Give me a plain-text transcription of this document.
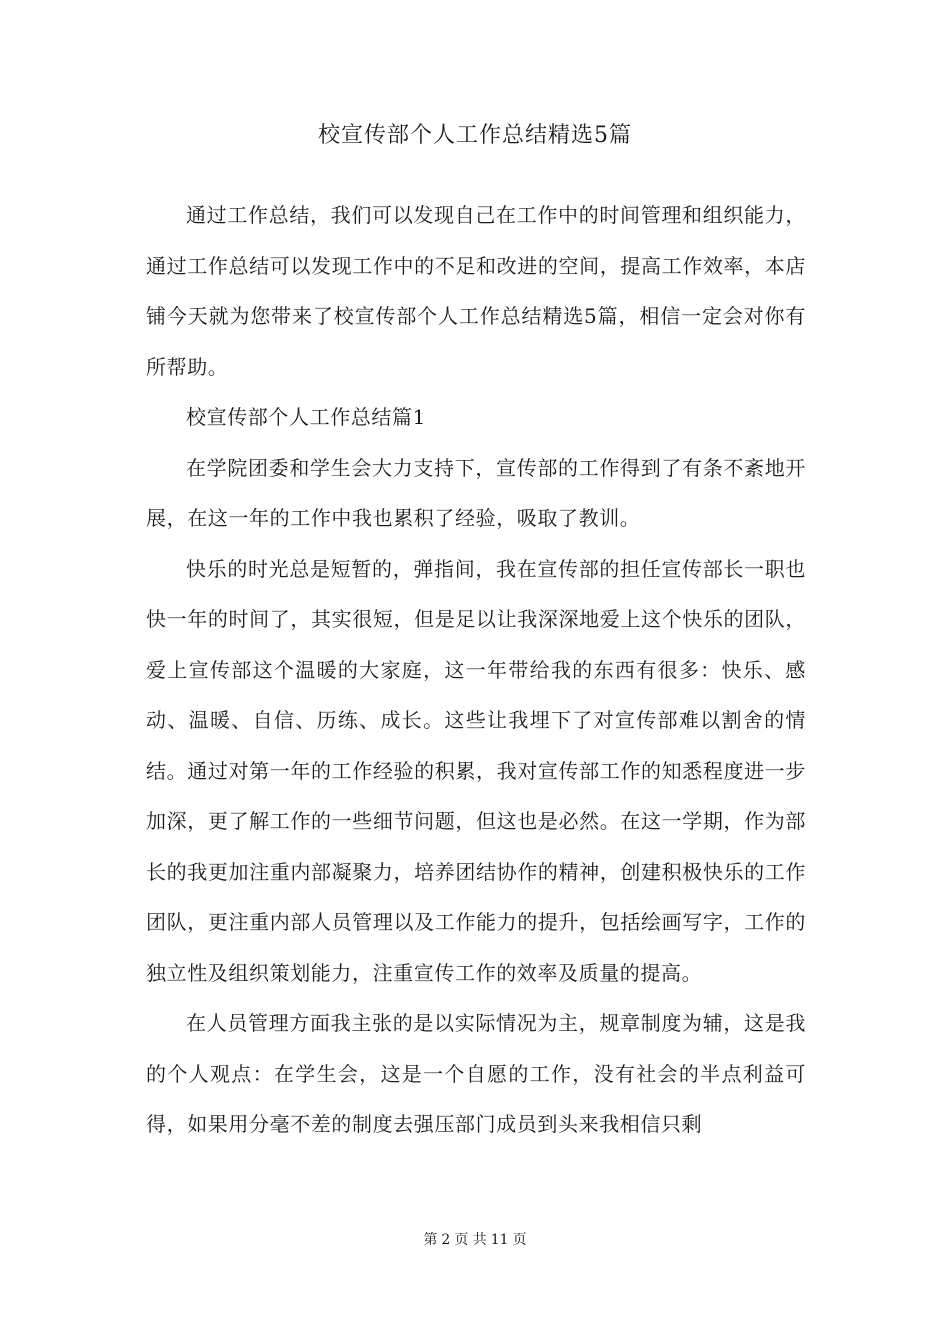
校宣传部个人工作总结精选5篇

通过工作总结，我们可以发现自己在工作中的时间管理和组织能力，通过工作总结可以发现工作中的不足和改进的空间，提高工作效率，本店铺今天就为您带来了校宣传部个人工作总结精选5篇，相信一定会对你有所帮助。

校宣传部个人工作总结篇1

在学院团委和学生会大力支持下，宣传部的工作得到了有条不紊地开展，在这一年的工作中我也累积了经验，吸取了教训。

快乐的时光总是短暂的，弹指间，我在宣传部的担任宣传部长一职也快一年的时间了，其实很短，但是足以让我深深地爱上这个快乐的团队，爱上宣传部这个温暖的大家庭，这一年带给我的东西有很多：快乐、感动、温暖、自信、历练、成长。这些让我埋下了对宣传部难以割舍的情结。通过对第一年的工作经验的积累，我对宣传部工作的知悉程度进一步加深，更了解工作的一些细节问题，但这也是必然。在这一学期，作为部长的我更加注重内部凝聚力，培养团结协作的精神，创建积极快乐的工作团队，更注重内部人员管理以及工作能力的提升，包括绘画写字，工作的独立性及组织策划能力，注重宣传工作的效率及质量的提高。

在人员管理方面我主张的是以实际情况为主，规章制度为辅，这是我的个人观点：在学生会，这是一个自愿的工作，没有社会的半点利益可得，如果用分毫不差的制度去强压部门成员到头来我相信只剩

第 2 页 共 11 页
